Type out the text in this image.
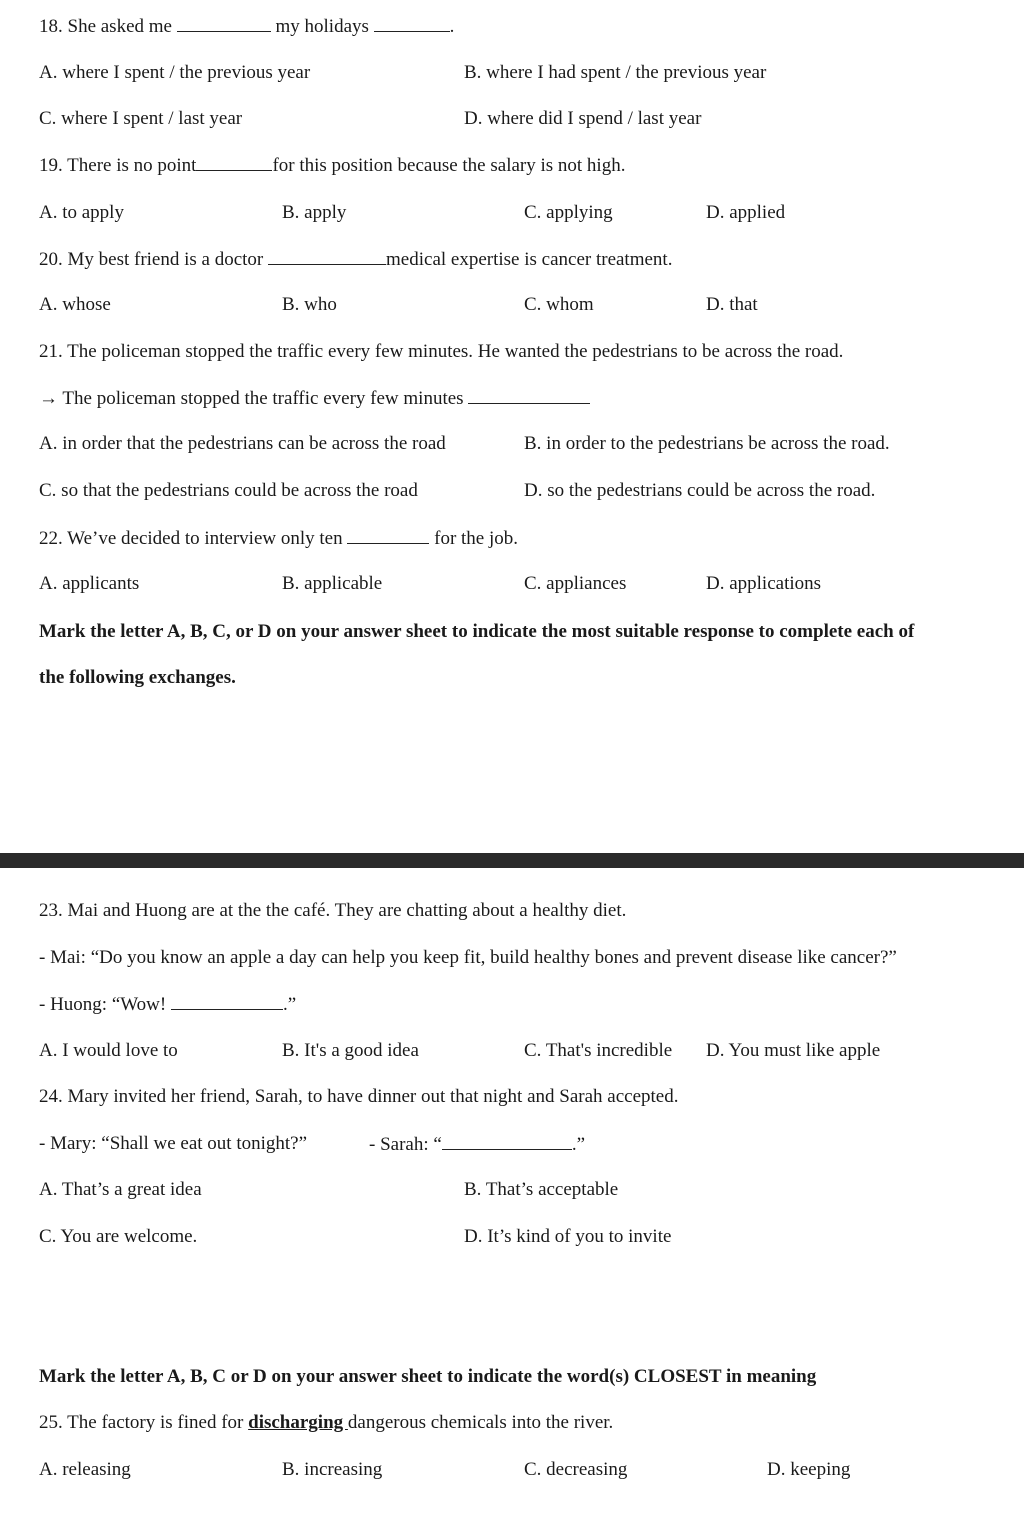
18. She asked me	my holidays	.
A. where I spent / the previous year	B. where I had spent / the previous year
C. where I spent / last year	D. where did I spend / last year
19. There is no point	for this position because the salary is not high.
A. to apply	B. apply	C. applying	D. applied
20. My best friend is a doctor	medical expertise is cancer treatment.
A. whose	B. who	C. whom	D. that
21. The policeman stopped the traffic every few minutes. He wanted the pedestrians to be across the road.
→ The policeman stopped the traffic every few minutes
A. in order that the pedestrians can be across the road	B. in order to the pedestrians be across the road.
C. so that the pedestrians could be across the road	D. so the pedestrians could be across the road.
22. We’ve decided to interview only ten	for the job.
A. applicants	B. applicable	C. appliances	D. applications
Mark the letter A, B, C, or D on your answer sheet to indicate the most suitable response to complete each of
the following exchanges.
23. Mai and Huong are at the the café. They are chatting about a healthy diet.
- Mai: “Do you know an apple a day can help you keep fit, build healthy bones and prevent disease like cancer?”
- Huong: “Wow!	.”
A. I would love to	B. It's a good idea	C. That's incredible D. You must like apple
24. Mary invited her friend, Sarah, to have dinner out that night and Sarah accepted.
- Mary: “Shall we eat out tonight?”	- Sarah: “	.”
A. That’s a great idea	B. That’s acceptable
C. You are welcome.	D. It’s kind of you to invite
Mark the letter A, B, C or D on your answer sheet to indicate the word(s) CLOSEST in meaning
25. The factory is fined for discharging dangerous chemicals into the river.
A. releasing	B. increasing	C. decreasing	D. keeping
